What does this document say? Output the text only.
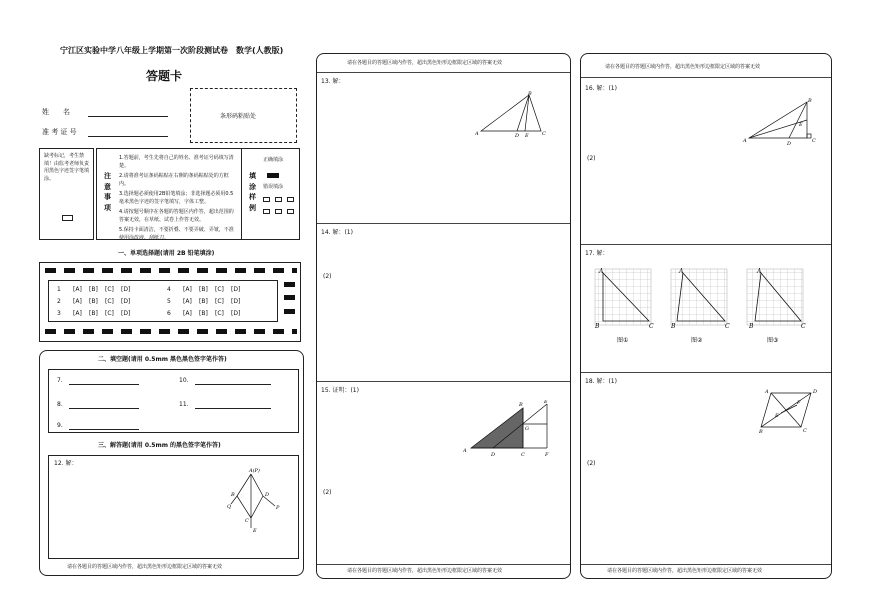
宁江区实验中学八年级上学期第一次阶段测试卷　数学(人教版)
答题卡
姓　　名
准 考 证 号
条形码粘贴处
缺考标记，考生禁填！由监考老师负责用黑色字迹签字笔填涂。	注意事项
1.答题前，考生先将自己的姓名、准考证号码填写清楚。
2.请将准考证条码粘贴在右侧的条码粘贴处的方框内。
3.选择题必须使用2B铅笔填涂；非选择题必须用0.5毫米黑色字迹的签字笔填写，字体工整。
4.请按题号顺序在各题的答题区内作答，超出范围的答案无效，在草纸、试卷上作答无效。
5.保持卡面清洁，不要折叠、不要弄破、弄皱，不准使用涂改液、刮纸刀。
填涂样例
正确填涂
错误填涂
一、单项选择题(请用 2B 铅笔填涂)
1 [A] [B] [C] [D]
2 [A] [B] [C] [D]
3 [A] [B] [C] [D]
4 [A] [B] [C] [D]
5 [A] [B] [C] [D]
6 [A] [B] [C] [D]
二、填空题(请用 0.5mm 黑色黑色签字笔作答)
7.	10.
8.	11.
9.
三、解答题(请用 0.5mm 的黑色签字笔作答)
12. 解：
A(P)
B	D
C
Q	P
E
请在各题目的答题区域内作答，超出黑色矩形边框限定区域的答案无效
请在各题目的答题区域内作答，超出黑色矩形边框限定区域的答案无效
13. 解：
A
B
C
D E
14. 解：(1)
(2)
15. 证明：(1)
A
B
C
D
E
F
G
(2)
请在各题目的答题区域内作答，超出黑色矩形边框限定区域的答案无效
请在各题目的答题区域内作答，超出黑色矩形边框限定区域的答案无效
16. 解：(1)
A
B
C
D
E
(2)
17. 解：
A
B	C
A
B	C
A
B	C
图①	图②	图③
18. 解：(1)
A	D
C
B
E
F
(2)
请在各题目的答题区域内作答，超出黑色矩形边框限定区域的答案无效
